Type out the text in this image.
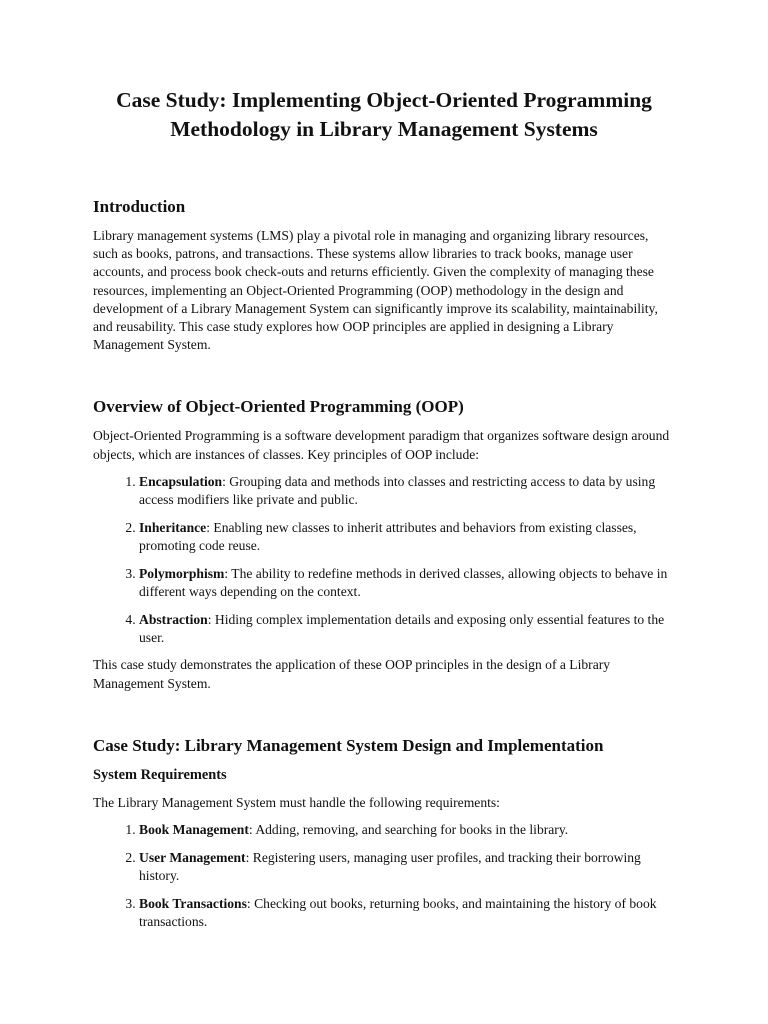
Case Study: Implementing Object-Oriented Programming
Methodology in Library Management Systems
Introduction

Library management systems (LMS) play a pivotal role in managing and organizing library resources, such as books, patrons, and transactions. These systems allow libraries to track books, manage user accounts, and process book check-outs and returns efficiently. Given the complexity of managing these resources, implementing an Object-Oriented Programming (OOP) methodology in the design and development of a Library Management System can significantly improve its scalability, maintainability, and reusability. This case study explores how OOP principles are applied in designing a Library Management System.

Overview of Object-Oriented Programming (OOP)

Object-Oriented Programming is a software development paradigm that organizes software design around objects, which are instances of classes. Key principles of OOP include:

1. Encapsulation: Grouping data and methods into classes and restricting access to data by using access modifiers like private and public.
2. Inheritance: Enabling new classes to inherit attributes and behaviors from existing classes, promoting code reuse.
3. Polymorphism: The ability to redefine methods in derived classes, allowing objects to behave in different ways depending on the context.
4. Abstraction: Hiding complex implementation details and exposing only essential features to the user.

This case study demonstrates the application of these OOP principles in the design of a Library Management System.

Case Study: Library Management System Design and Implementation
System Requirements

The Library Management System must handle the following requirements:

1. Book Management: Adding, removing, and searching for books in the library.
2. User Management: Registering users, managing user profiles, and tracking their borrowing history.
3. Book Transactions: Checking out books, returning books, and maintaining the history of book transactions.
